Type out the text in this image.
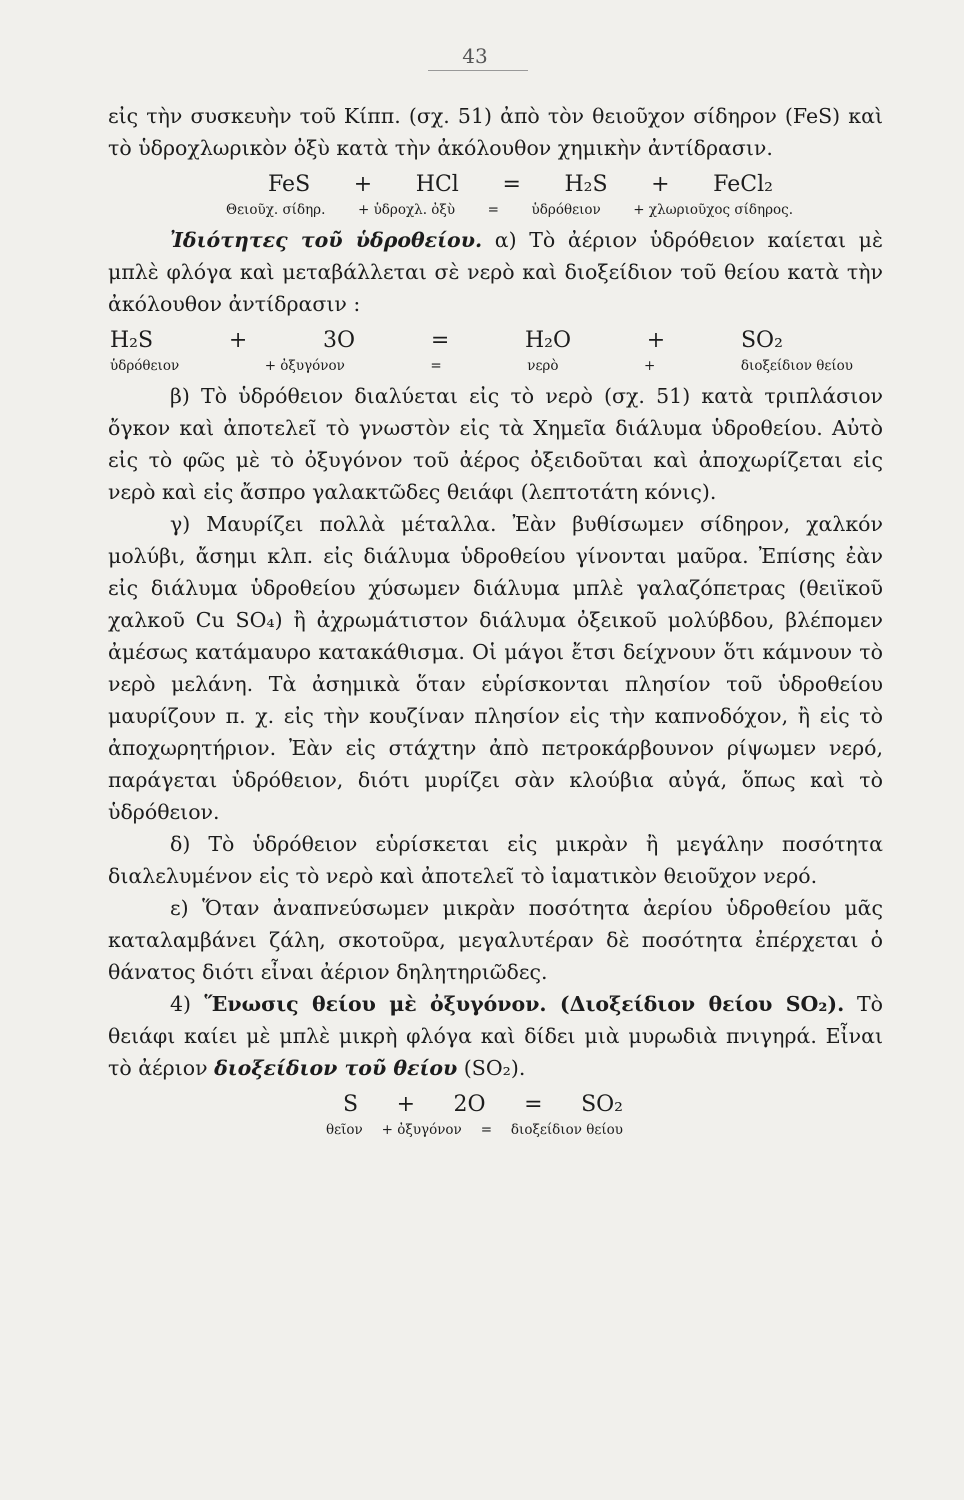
43

εἰς τὴν συσκευὴν τοῦ Κίππ. (σχ. 51) ἀπὸ τὸν θειοῦχον σίδηρον (FeS) καὶ τὸ ὑδροχλωρικὸν ὀξὺ κατὰ τὴν ἀκόλουθον χημικὴν ἀντίδρασιν.

FeS + HCl = H₂S + FeCl₂
Θειοῦχ. σίδηρ. + ὑδροχλ. ὀξὺ = ὑδρόθειον + χλωριοῦχος σίδηρος.

Ἰδιότητες τοῦ ὑδροθείου. α) Τὸ ἀέριον ὑδρόθειον καίεται μὲ μπλὲ φλόγα καὶ μεταβάλλεται σὲ νερὸ καὶ διοξείδιον τοῦ θείου κατὰ τὴν ἀκόλουθον ἀντίδρασιν :

H₂S	+	3O	=	H₂O	+	SO₂
ὑδρόθειον	+ ὀξυγόνον	=	νερὸ	+	διοξείδιον θείου

β) Τὸ ὑδρόθειον διαλύεται εἰς τὸ νερὸ (σχ. 51) κατὰ τριπλάσιον ὄγκον καὶ ἀποτελεῖ τὸ γνωστὸν εἰς τὰ Χημεῖα διάλυμα ὑδροθείου. Αὐτὸ εἰς τὸ φῶς μὲ τὸ ὀξυγόνον τοῦ ἀέρος ὀξειδοῦται καὶ ἀποχωρίζεται εἰς νερὸ καὶ εἰς ἄσπρο γαλακτῶδες θειάφι (λεπτοτάτη κόνις).

γ) Μαυρίζει πολλὰ μέταλλα. Ἐὰν βυθίσωμεν σίδηρον, χαλκόν μολύβι, ἄσημι κλπ. εἰς διάλυμα ὑδροθείου γίνονται μαῦρα. Ἐπίσης ἐὰν εἰς διάλυμα ὑδροθείου χύσωμεν διάλυμα μπλὲ γαλαζόπετρας (θειϊκοῦ χαλκοῦ Cu SO₄) ἢ ἀχρωμάτιστον διάλυμα ὀξεικοῦ μολύβδου, βλέπομεν ἀμέσως κατάμαυρο κατακάθισμα. Οἱ μάγοι ἔτσι δείχνουν ὅτι κάμνουν τὸ νερὸ μελάνη. Τὰ ἀσημικὰ ὅταν εὑρίσκονται πλησίον τοῦ ὑδροθείου μαυρίζουν π. χ. εἰς τὴν κουζίναν πλησίον εἰς τὴν καπνοδόχον, ἢ εἰς τὸ ἀποχωρητήριον. Ἐὰν εἰς στάχτην ἀπὸ πετροκάρβουνον ρίψωμεν νερό, παράγεται ὑδρόθειον, διότι μυρίζει σὰν κλούβια αὐγά, ὅπως καὶ τὸ ὑδρόθειον.

δ) Τὸ ὑδρόθειον εὑρίσκεται εἰς μικρὰν ἢ μεγάλην ποσότητα διαλελυμένον εἰς τὸ νερὸ καὶ ἀποτελεῖ τὸ ἰαματικὸν θειοῦχον νερό.

ε) Ὅταν ἀναπνεύσωμεν μικρὰν ποσότητα ἀερίου ὑδροθείου μᾶς καταλαμβάνει ζάλη, σκοτοῦρα, μεγαλυτέραν δὲ ποσότητα ἐπέρχεται ὁ θάνατος διότι εἶναι ἀέριον δηλητηριῶδες.

4) Ἕνωσις θείου μὲ ὀξυγόνον. (Διοξείδιον θείου SO₂). Τὸ θειάφι καίει μὲ μπλὲ μικρὴ φλόγα καὶ δίδει μιὰ μυρωδιὰ πνιγηρά. Εἶναι τὸ ἀέριον διοξείδιον τοῦ θείου (SO₂).

S + 2O = SO₂
θεῖον + ὀξυγόνον = διοξείδιον θείου
